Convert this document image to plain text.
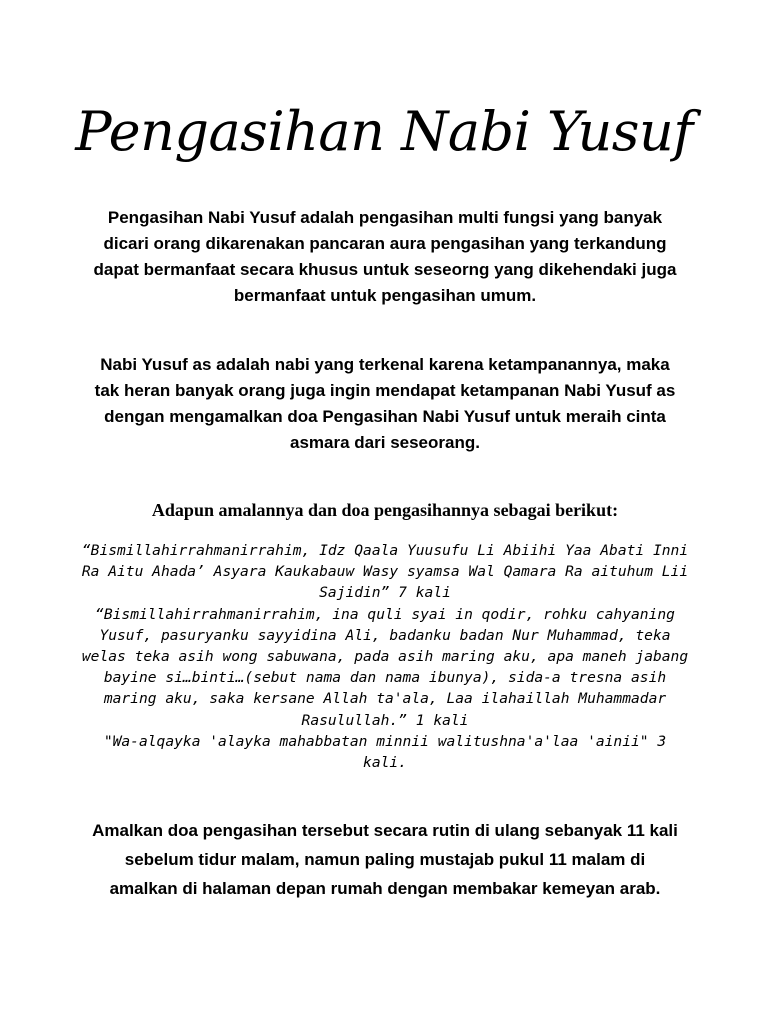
Pengasihan Nabi Yusuf

Pengasihan Nabi Yusuf adalah pengasihan multi fungsi yang banyak dicari orang dikarenakan pancaran aura pengasihan yang terkandung dapat bermanfaat secara khusus untuk seseorng yang dikehendaki juga bermanfaat untuk pengasihan umum.

Nabi Yusuf as adalah nabi yang terkenal karena ketampanannya, maka tak heran banyak orang juga ingin mendapat ketampanan Nabi Yusuf as dengan mengamalkan doa Pengasihan Nabi Yusuf untuk meraih cinta asmara dari seseorang.

Adapun amalannya dan doa pengasihannya sebagai berikut:

“Bismillahirrahmanirrahim, Idz Qaala Yuusufu Li Abiihi Yaa Abati Inni Ra Aitu Ahada’ Asyara Kaukabauw Wasy syamsa Wal Qamara Ra aituhum Lii Sajidin” 7 kali
“Bismillahirrahmanirrahim, ina quli syai in qodir, rohku cahyaning Yusuf, pasuryanku sayyidina Ali, badanku badan Nur Muhammad, teka welas teka asih wong sabuwana, pada asih maring aku, apa maneh jabang bayine si…binti…(sebut nama dan nama ibunya), sida-a tresna asih maring aku, saka kersane Allah ta'ala, Laa ilahaillah Muhammadar Rasulullah.” 1 kali
"Wa-alqayka 'alayka mahabbatan minnii walitushna'a'laa 'ainii" 3 kali.

Amalkan doa pengasihan tersebut secara rutin di ulang sebanyak 11 kali sebelum tidur malam, namun paling mustajab pukul 11 malam di amalkan di halaman depan rumah dengan membakar kemeyan arab.
